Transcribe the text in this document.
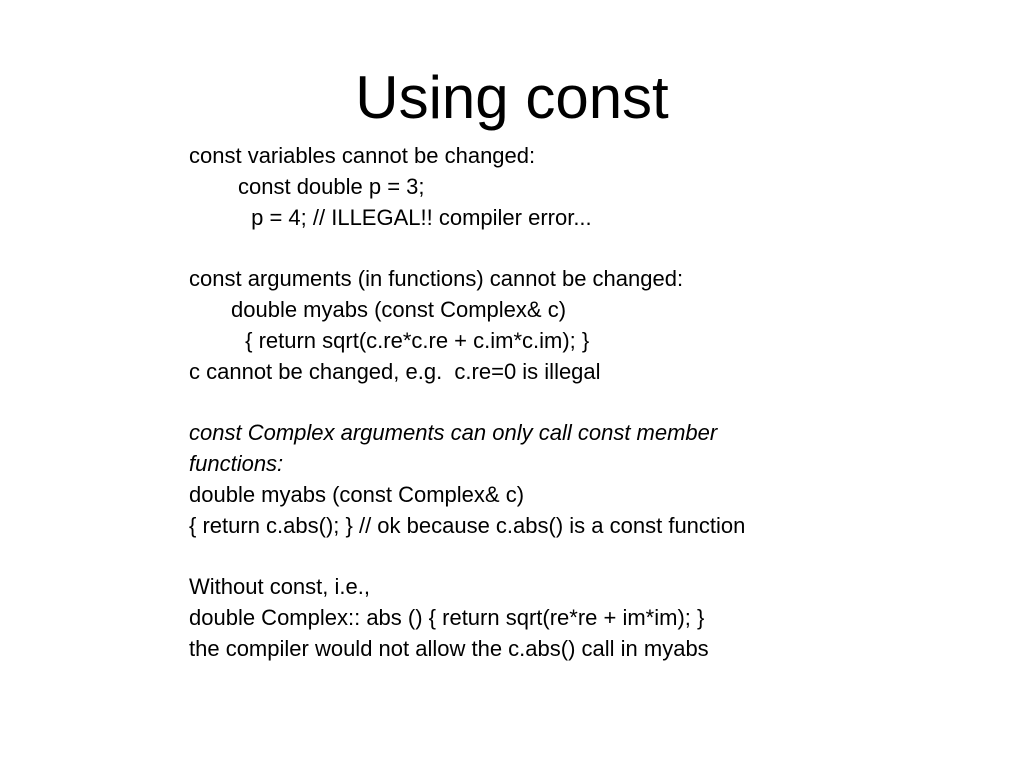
Using const
const variables cannot be changed:
const double p = 3;
p = 4; // ILLEGAL!! compiler error...
const arguments (in functions) cannot be changed:
double myabs (const Complex& c)
{ return sqrt(c.re*c.re + c.im*c.im); }
c cannot be changed, e.g.  c.re=0 is illegal
const Complex arguments can only call const member
functions:
double myabs (const Complex& c)
{ return c.abs(); } // ok because c.abs() is a const function
Without const, i.e.,
double Complex:: abs () { return sqrt(re*re + im*im); }
the compiler would not allow the c.abs() call in myabs
